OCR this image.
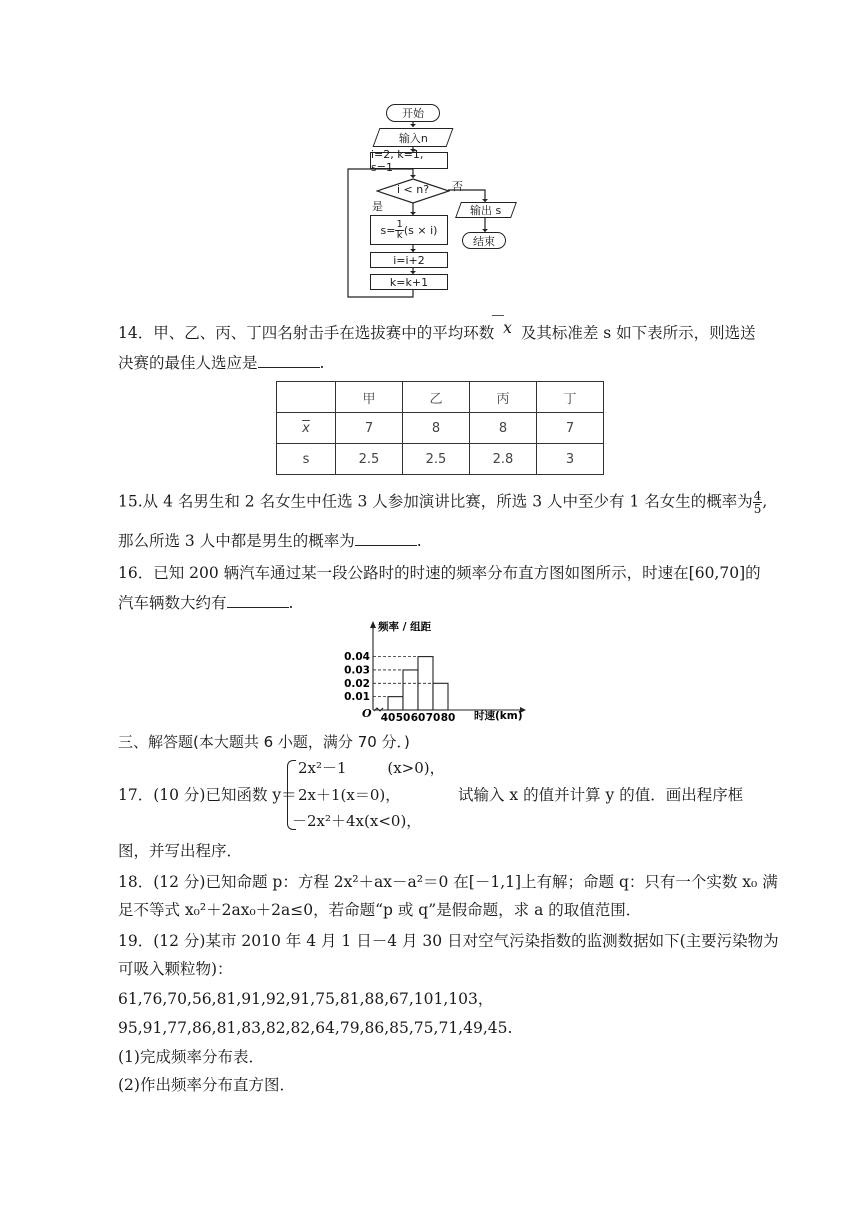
开始
输入n
i=2, k=1, s=1
i < n?	否
是
$s= \frac{1}{k} (s \times i)$
i=i+2
k=k+1
输出 s
结束
14．甲、乙、丙、丁四名射击手在选拔赛中的平均环数 x 及其标准差 s 如下表所示，则选送
决赛的最佳人选应是	.
	甲	乙	丙	丁
$\overline{x}$	7	8	8	7
s	2.5	2.5	2.8	3
15.从 4 名男生和 2 名女生中任选 3 人参加演讲比赛，所选 3 人中至少有 1 名女生的概率为 $\frac{4}{5}$ ,
那么所选 3 人中都是男生的概率为	.
16．已知 200 辆汽车通过某一段公路时的时速的频率分布直方图如图所示，时速在[60,70]的
汽车辆数大约有	.
0.04
0.03
0.02
0.01
40 50 60 70 80
频率 / 组距
时速(km)
O
三、解答题(本大题共 6 小题，满分 70 分．)
17．(10 分)已知函数 y＝
2x²－1	(x>0)，
2x＋1(x＝0)，
－2x²＋4x(x<0)，
试输入 x 的值并计算 y 的值．画出程序框
图，并写出程序．
18．(12 分)已知命题 p：方程 2x²＋ax－a²＝0 在[－1,1]上有解；命题 q：只有一个实数 x₀ 满
足不等式 x₀²＋2ax₀＋2a≤0，若命题“p 或 q”是假命题，求 a 的取值范围．
19．(12 分)某市 2010 年 4 月 1 日－4 月 30 日对空气污染指数的监测数据如下(主要污染物为
可吸入颗粒物)：
61,76,70,56,81,91,92,91,75,81,88,67,101,103，
95,91,77,86,81,83,82,82,64,79,86,85,75,71,49,45.
(1)完成频率分布表．
(2)作出频率分布直方图．
